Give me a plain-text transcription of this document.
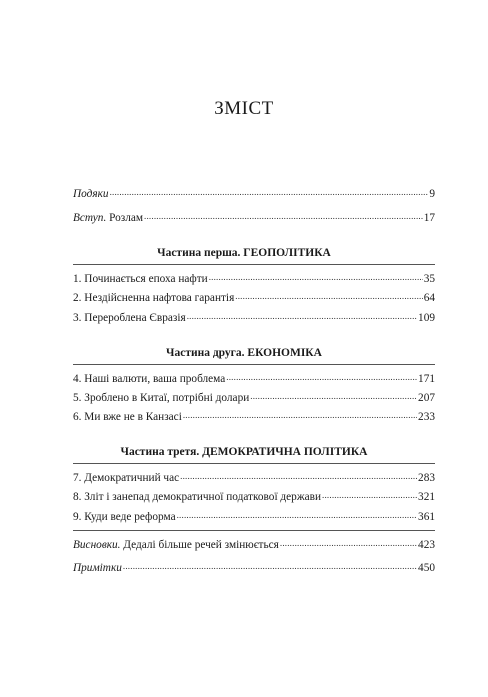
ЗМІСТ
Подяки .....	9
Вступ. Розлам .....	17
Частина перша. ГЕОПОЛІТИКА
1. Починається епоха нафти .....	35
2. Нездійсненна нафтова гарантія .....	64
3. Перероблена Євразія .....	109
Частина друга. ЕКОНОМІКА
4. Наші валюти, ваша проблема .....	171
5. Зроблено в Китаї, потрібні долари .....	207
6. Ми вже не в Канзасі .....	233
Частина третя. ДЕМОКРАТИЧНА ПОЛІТИКА
7. Демократичний час .....	283
8. Зліт і занепад демократичної податкової держави .....	321
9. Куди веде реформа .....	361
Висновки. Дедалі більше речей змінюється .....	423
Примітки .....	450
